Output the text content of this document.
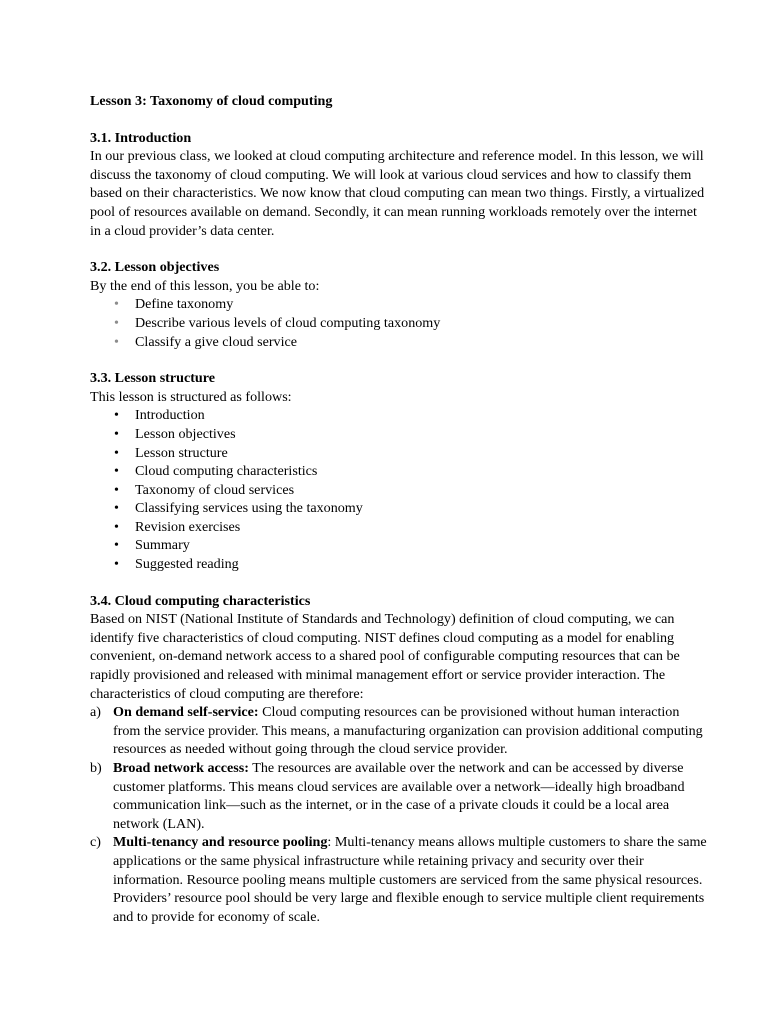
Lesson 3: Taxonomy of cloud computing

3.1. Introduction

In our previous class, we looked at cloud computing architecture and reference model. In this lesson, we will discuss the taxonomy of cloud computing. We will look at various cloud services and how to classify them based on their characteristics. We now know that cloud computing can mean two things. Firstly, a virtualized pool of resources available on demand. Secondly, it can mean running workloads remotely over the internet in a cloud provider’s data center.

3.2. Lesson objectives

By the end of this lesson, you be able to:

• Define taxonomy
• Describe various levels of cloud computing taxonomy
• Classify a give cloud service

3.3. Lesson structure

This lesson is structured as follows:

• Introduction
• Lesson objectives
• Lesson structure
• Cloud computing characteristics
• Taxonomy of cloud services
• Classifying services using the taxonomy
• Revision exercises
• Summary
• Suggested reading

3.4. Cloud computing characteristics

Based on NIST (National Institute of Standards and Technology) definition of cloud computing, we can identify five characteristics of cloud computing. NIST defines cloud computing as a model for enabling convenient, on-demand network access to a shared pool of configurable computing resources that can be rapidly provisioned and released with minimal management effort or service provider interaction. The characteristics of cloud computing are therefore:

a) On demand self-service: Cloud computing resources can be provisioned without human interaction from the service provider. This means, a manufacturing organization can provision additional computing resources as needed without going through the cloud service provider.
b) Broad network access: The resources are available over the network and can be accessed by diverse customer platforms. This means cloud services are available over a network—ideally high broadband communication link—such as the internet, or in the case of a private clouds it could be a local area network (LAN).
c) Multi-tenancy and resource pooling: Multi-tenancy means allows multiple customers to share the same applications or the same physical infrastructure while retaining privacy and security over their information. Resource pooling means multiple customers are serviced from the same physical resources. Providers’ resource pool should be very large and flexible enough to service multiple client requirements and to provide for economy of scale.
